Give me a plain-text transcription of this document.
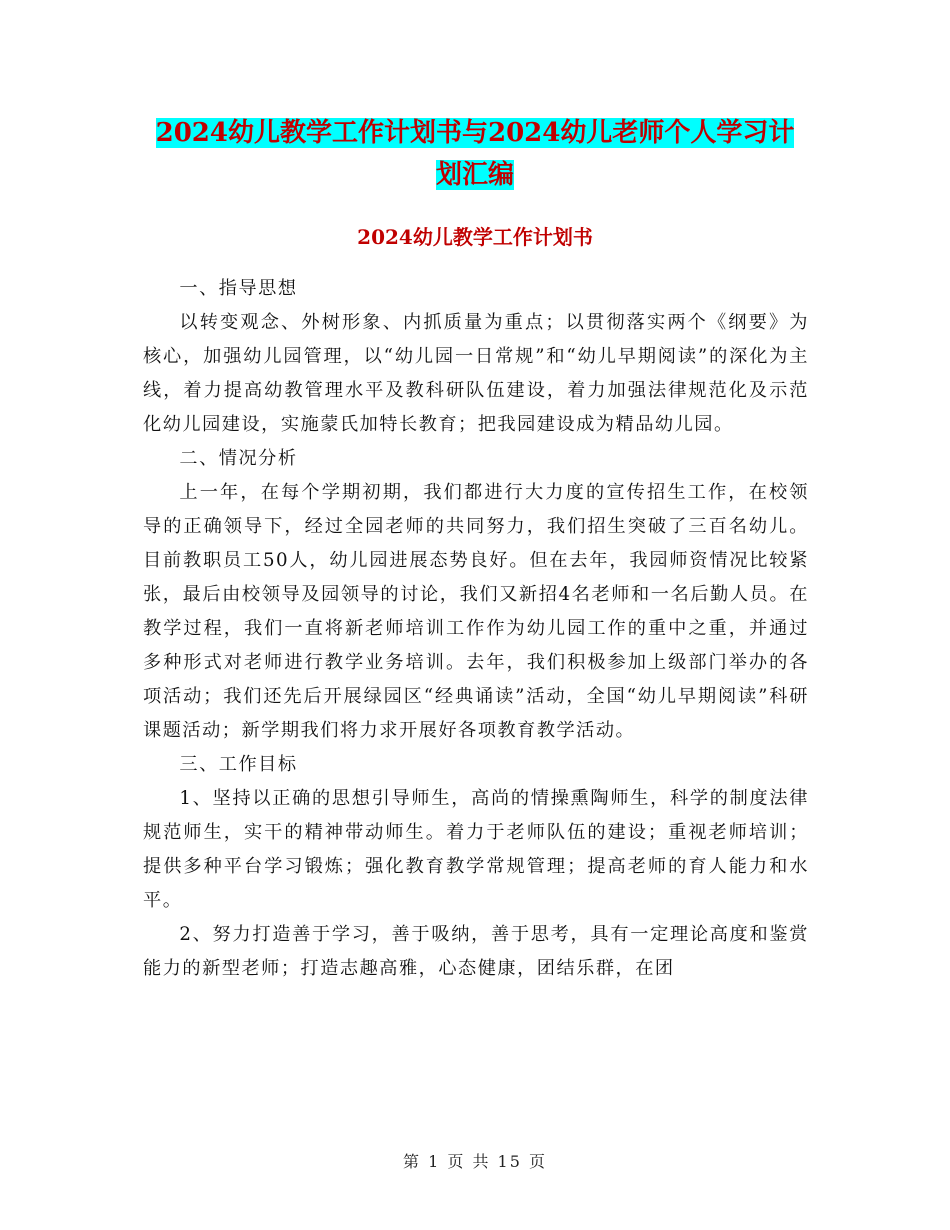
2024幼儿教学工作计划书与2024幼儿老师个人学习计
划汇编
2024幼儿教学工作计划书

一、指导思想

以转变观念、外树形象、内抓质量为重点；以贯彻落实两个《纲要》为核心，加强幼儿园管理，以“幼儿园一日常规”和“幼儿早期阅读”的深化为主线，着力提高幼教管理水平及教科研队伍建设，着力加强法律规范化及示范化幼儿园建设，实施蒙氏加特长教育；把我园建设成为精品幼儿园。

二、情况分析

上一年，在每个学期初期，我们都进行大力度的宣传招生工作，在校领导的正确领导下，经过全园老师的共同努力，我们招生突破了三百名幼儿。目前教职员工50人，幼儿园进展态势良好。但在去年，我园师资情况比较紧张，最后由校领导及园领导的讨论，我们又新招4名老师和一名后勤人员。在教学过程，我们一直将新老师培训工作作为幼儿园工作的重中之重，并通过多种形式对老师进行教学业务培训。去年，我们积极参加上级部门举办的各项活动；我们还先后开展绿园区“经典诵读”活动，全国“幼儿早期阅读”科研课题活动；新学期我们将力求开展好各项教育教学活动。

三、工作目标

1、坚持以正确的思想引导师生，高尚的情操熏陶师生，科学的制度法律规范师生，实干的精神带动师生。着力于老师队伍的建设；重视老师培训；提供多种平台学习锻炼；强化教育教学常规管理；提高老师的育人能力和水平。

2、努力打造善于学习，善于吸纳，善于思考，具有一定理论高度和鉴赏能力的新型老师；打造志趣高雅，心态健康，团结乐群，在团

第 1 页 共 15 页
